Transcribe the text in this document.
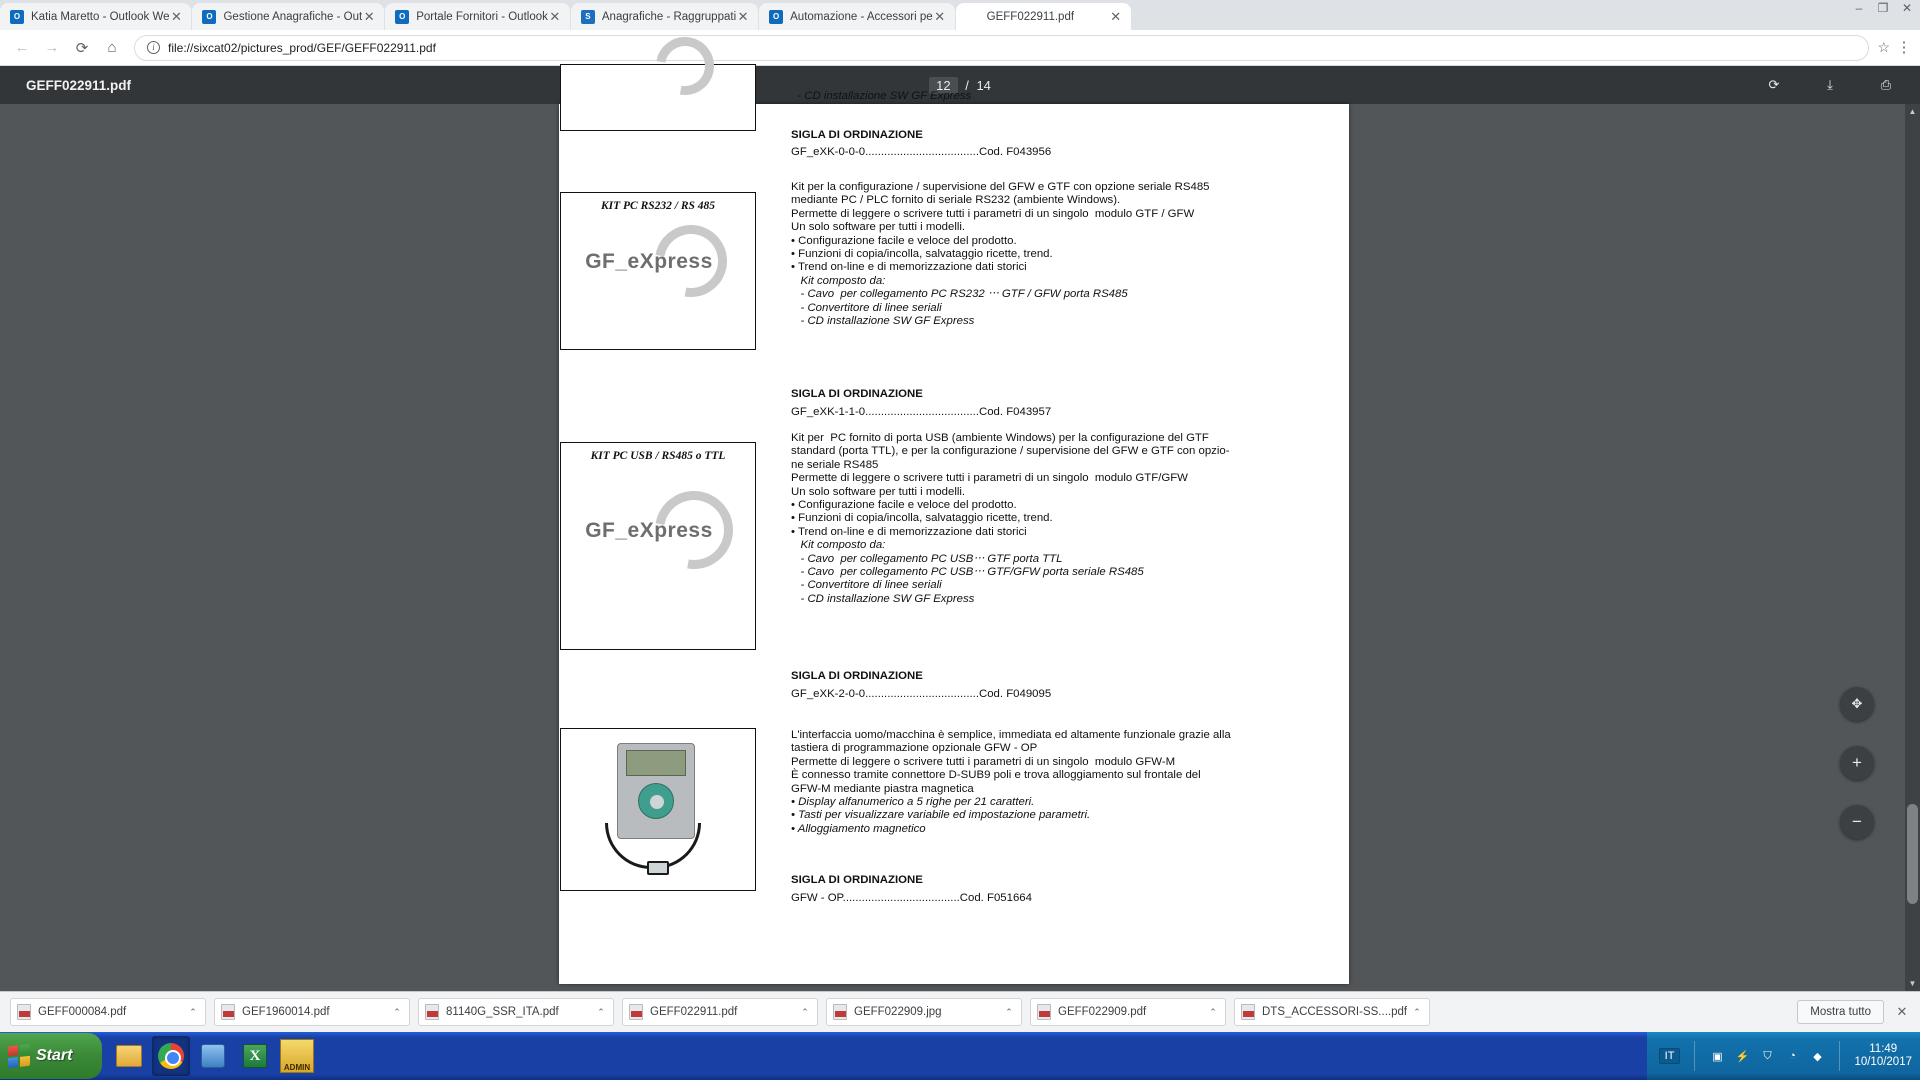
O Katia Maretto - Outlook We ✕	O Gestione Anagrafiche - Out ✕	O Portale Fornitori - Outlook ✕	S Anagrafiche - Raggruppati ✕	O Automazione - Accessori pe ✕	GEFF022911.pdf	✕
–	❐ ✕
←	→	⟳	⌂	i	file://sixcat02/pictures_prod/GEF/GEFF022911.pdf	☆ ⋮
GEFF022911.pdf	12 / 14	⟳	⤓	⎙
- CD installazione SW GF Express
SIGLA DI ORDINAZIONE
GF_eXK-0-0-0....................................Cod. F043956
KIT PC RS232 / RS 485
GF_eXpress
Kit per la configurazione / supervisione del GFW e GTF con opzione seriale RS485
mediante PC / PLC fornito di seriale RS232 (ambiente Windows).
Permette di leggere o scrivere tutti i parametri di un singolo  modulo GTF / GFW
Un solo software per tutti i modelli.
• Configurazione facile e veloce del prodotto.
• Funzioni di copia/incolla, salvataggio ricette, trend.
• Trend on-line e di memorizzazione dati storici
Kit composto da:
- Cavo  per collegamento PC RS232 ‧‧‧ GTF / GFW porta RS485
- Convertitore di linee seriali
- CD installazione SW GF Express
SIGLA DI ORDINAZIONE
GF_eXK-1-1-0....................................Cod. F043957
KIT PC USB / RS485 o TTL
GF_eXpress
Kit per  PC fornito di porta USB (ambiente Windows) per la configurazione del GTF
standard (porta TTL), e per la configurazione / supervisione del GFW e GTF con opzio-
ne seriale RS485
Permette di leggere o scrivere tutti i parametri di un singolo  modulo GTF/GFW
Un solo software per tutti i modelli.
• Configurazione facile e veloce del prodotto.
• Funzioni di copia/incolla, salvataggio ricette, trend.
• Trend on-line e di memorizzazione dati storici
Kit composto da:
- Cavo  per collegamento PC USB‧‧‧ GTF porta TTL
- Cavo  per collegamento PC USB‧‧‧ GTF/GFW porta seriale RS485
- Convertitore di linee seriali
- CD installazione SW GF Express
SIGLA DI ORDINAZIONE
GF_eXK-2-0-0....................................Cod. F049095
L'interfaccia uomo/macchina è semplice, immediata ed altamente funzionale grazie alla
tastiera di programmazione opzionale GFW - OP
Permette di leggere o scrivere tutti i parametri di un singolo  modulo GFW-M
È connesso tramite connettore D-SUB9 poli e trova alloggiamento sul frontale del
GFW-M mediante piastra magnetica
• Display alfanumerico a 5 righe per 21 caratteri.
• Tasti per visualizzare variabile ed impostazione parametri.
• Alloggiamento magnetico
SIGLA DI ORDINAZIONE
GFW - OP.....................................Cod. F051664
✥
+
−
▲
▼
GEFF000084.pdf	⌃	GEF1960014.pdf	⌃	81140G_SSR_ITA.pdf	⌃	GEFF022911.pdf	⌃	GEFF022909.jpg	⌃	GEFF022909.pdf	⌃	DTS_ACCESSORI-SS....pdf ⌃	Mostra tutto	✕
Start	X
ADMIN
IT	▣ ⚡	⛉	◔	◆
11:49
10/10/2017
